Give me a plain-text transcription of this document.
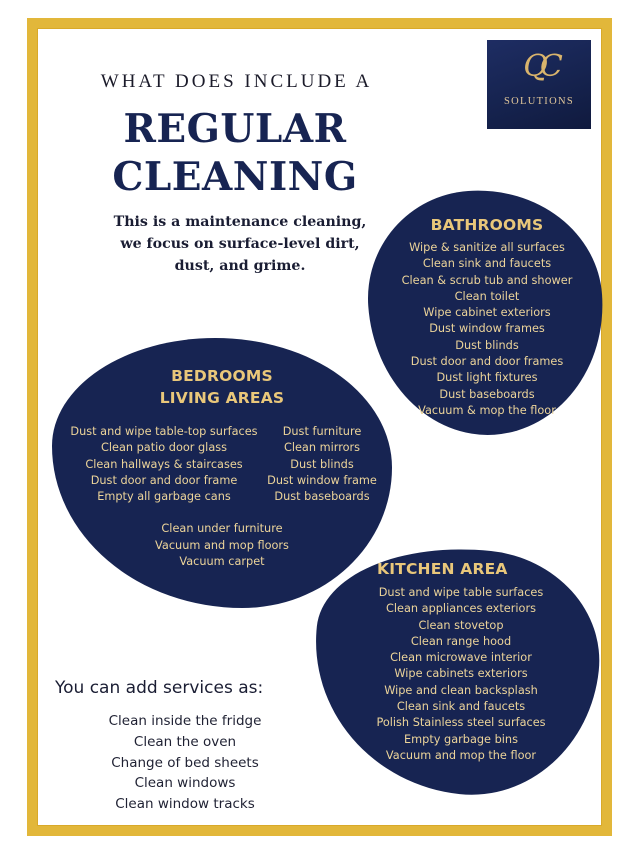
QC
SOLUTIONS
WHAT DOES INCLUDE A
REGULAR
CLEANING
This is a maintenance cleaning,
we focus on surface-level dirt,
dust, and grime.
BATHROOMS
Wipe & sanitize all surfaces
Clean sink and faucets
Clean & scrub tub and shower
Clean toilet
Wipe cabinet exteriors
Dust window frames
Dust blinds
Dust door and door frames
Dust light fixtures
Dust baseboards
Vacuum & mop the floor
BEDROOMS
LIVING AREAS
Dust and wipe table-top surfaces
Clean patio door glass
Clean hallways & staircases
Dust door and door frame
Empty all garbage cans
Dust furniture
Clean mirrors
Dust blinds
Dust window frame
Dust baseboards
Clean under furniture
Vacuum and mop floors
Vacuum carpet	KITCHEN AREA
Dust and wipe table surfaces
Clean appliances exteriors
Clean stovetop
Clean range hood
Clean microwave interior
Wipe cabinets exteriors
Wipe and clean backsplash
Clean sink and faucets
Polish Stainless steel surfaces
Empty garbage bins
Vacuum and mop the floor
You can add services as:
Clean inside the fridge
Clean the oven
Change of bed sheets
Clean windows
Clean window tracks
